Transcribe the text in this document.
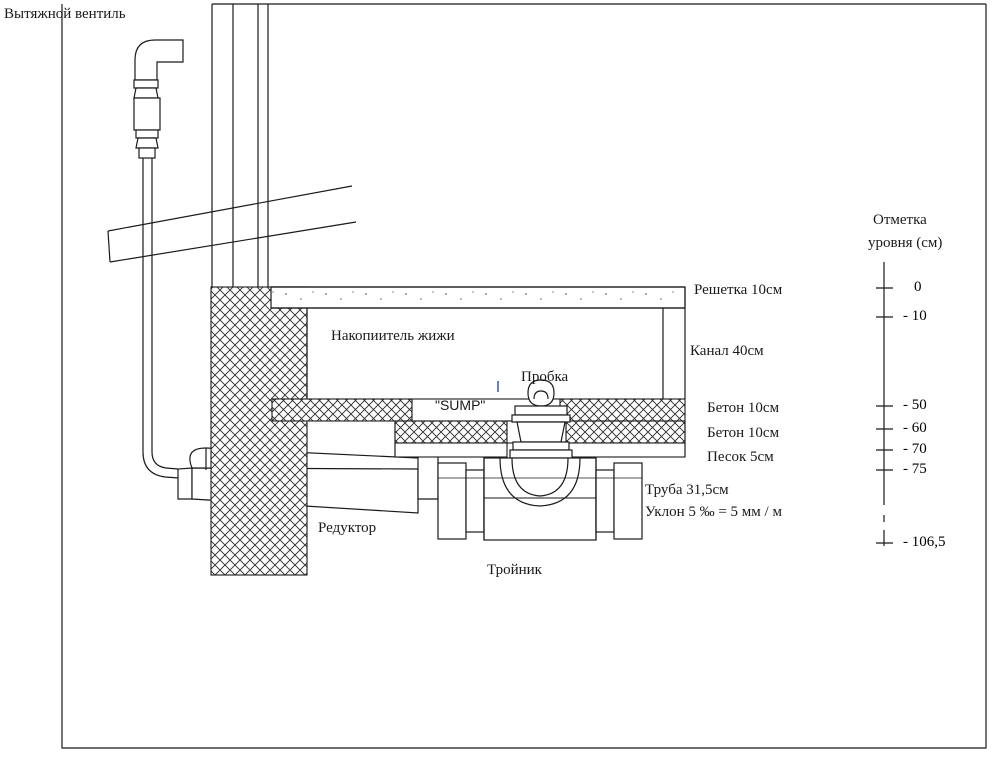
Вытяжной вентиль
Решетка 10см
Накопиитель жижи
Канал 40см
Пробка
"SUMP"	Бетон 10см
Бетон 10см
Песок 5см
Труба 31,5см
Уклон 5 ‰ = 5 мм / м
Редуктор
Тройник
Отметка
уровня (см)
0
- 10
- 50
- 60
- 70
- 75
- 106,5
